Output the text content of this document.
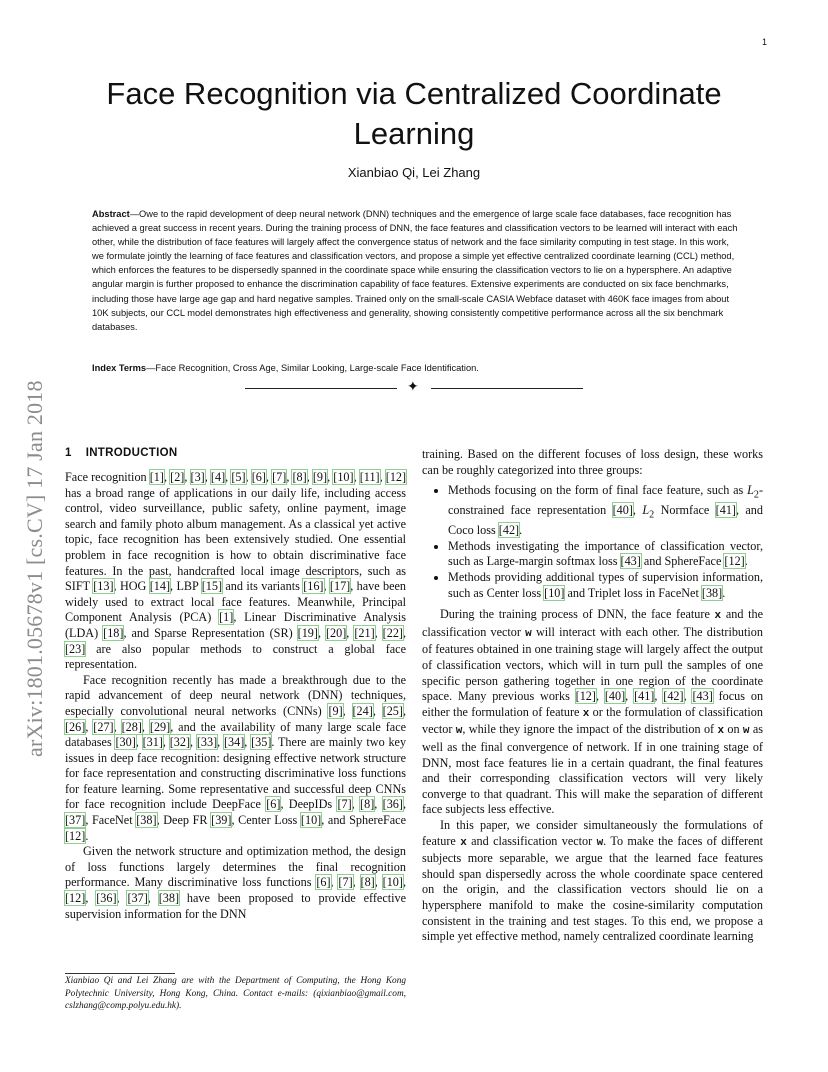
1
Face Recognition via Centralized Coordinate Learning
Xianbiao Qi, Lei Zhang

Abstract—Owe to the rapid development of deep neural network (DNN) techniques and the emergence of large scale face databases, face recognition has achieved a great success in recent years. During the training process of DNN, the face features and classification vectors to be learned will interact with each other, while the distribution of face features will largely affect the convergence status of network and the face similarity computing in test stage. In this work, we formulate jointly the learning of face features and classification vectors, and propose a simple yet effective centralized coordinate learning (CCL) method, which enforces the features to be dispersedly spanned in the coordinate space while ensuring the classification vectors to lie on a hypersphere. An adaptive angular margin is further proposed to enhance the discrimination capability of face features. Extensive experiments are conducted on six face benchmarks, including those have large age gap and hard negative samples. Trained only on the small-scale CASIA Webface dataset with 460K face images from about 10K subjects, our CCL model demonstrates high effectiveness and generality, showing consistently competitive performance across all the six benchmark databases.

Index Terms—Face Recognition, Cross Age, Similar Looking, Large-scale Face Identification.

✦
arXiv:1801.05678v1 [cs.CV] 17 Jan 2018 1 INTRODUCTION

Face recognition [1], [2], [3], [4], [5], [6], [7], [8], [9], [10], [11], [12] has a broad range of applications in our daily life, including access control, video surveillance, public safety, online payment, image search and family photo album management. As a classical yet active topic, face recognition has been extensively studied. One essential problem in face recognition is how to obtain discriminative face features. In the past, handcrafted local image descriptors, such as SIFT [13], HOG [14], LBP [15] and its variants [16], [17], have been widely used to extract local face features. Meanwhile, Principal Component Analysis (PCA) [1], Linear Discriminative Analysis (LDA) [18], and Sparse Representation (SR) [19], [20], [21], [22], [23] are also popular methods to construct a global face representation.

Face recognition recently has made a breakthrough due to the rapid advancement of deep neural network (DNN) techniques, especially convolutional neural networks (CNNs) [9], [24], [25], [26], [27], [28], [29], and the availability of many large scale face databases [30], [31], [32], [33], [34], [35]. There are mainly two key issues in deep face recognition: designing effective network structure for face representation and constructing discriminative loss functions for feature learning. Some representative and successful deep CNNs for face recognition include DeepFace [6], DeepIDs [7], [8], [36], [37], FaceNet [38], Deep FR [39], Center Loss [10], and SphereFace [12].

Given the network structure and optimization method, the design of loss functions largely determines the final recognition performance. Many discriminative loss functions [6], [7], [8], [10], [12], [36], [37], [38] have been proposed to provide effective supervision information for the DNN

Xianbiao Qi and Lei Zhang are with the Department of Computing, the Hong Kong Polytechnic University, Hong Kong, China. Contact e-mails: (qixianbiao@gmail.com, cslzhang@comp.polyu.edu.hk).

training. Based on the different focuses of loss design, these works can be roughly categorized into three groups:

• Methods focusing on the form of final face feature, such as $L_2$-constrained face representation [40], $L_2$ Normface [41], and Coco loss [42].
• Methods investigating the importance of classification vector, such as Large-margin softmax loss [43] and SphereFace [12].
• Methods providing additional types of supervision information, such as Center loss [10] and Triplet loss in FaceNet [38].

During the training process of DNN, the face feature x and the classification vector w will interact with each other. The distribution of features obtained in one training stage will largely affect the output of classification vectors, which will in turn pull the samples of one specific person gathering together in one region of the coordinate space. Many previous works [12], [40], [41], [42], [43] focus on either the formulation of feature x or the formulation of classification vector w, while they ignore the impact of the distribution of x on w as well as the final convergence of network. If in one training stage of DNN, most face features lie in a certain quadrant, the final features and their corresponding classification vectors will very likely converge to that quadrant. This will make the separation of different face subjects less effective.

In this paper, we consider simultaneously the formulations of feature x and classification vector w. To make the faces of different subjects more separable, we argue that the learned face features should span dispersedly across the whole coordinate space centered on the origin, and the classification vectors should lie on a hypersphere manifold to make the cosine-similarity computation consistent in the training and test stages. To this end, we propose a simple yet effective method, namely centralized coordinate learning
